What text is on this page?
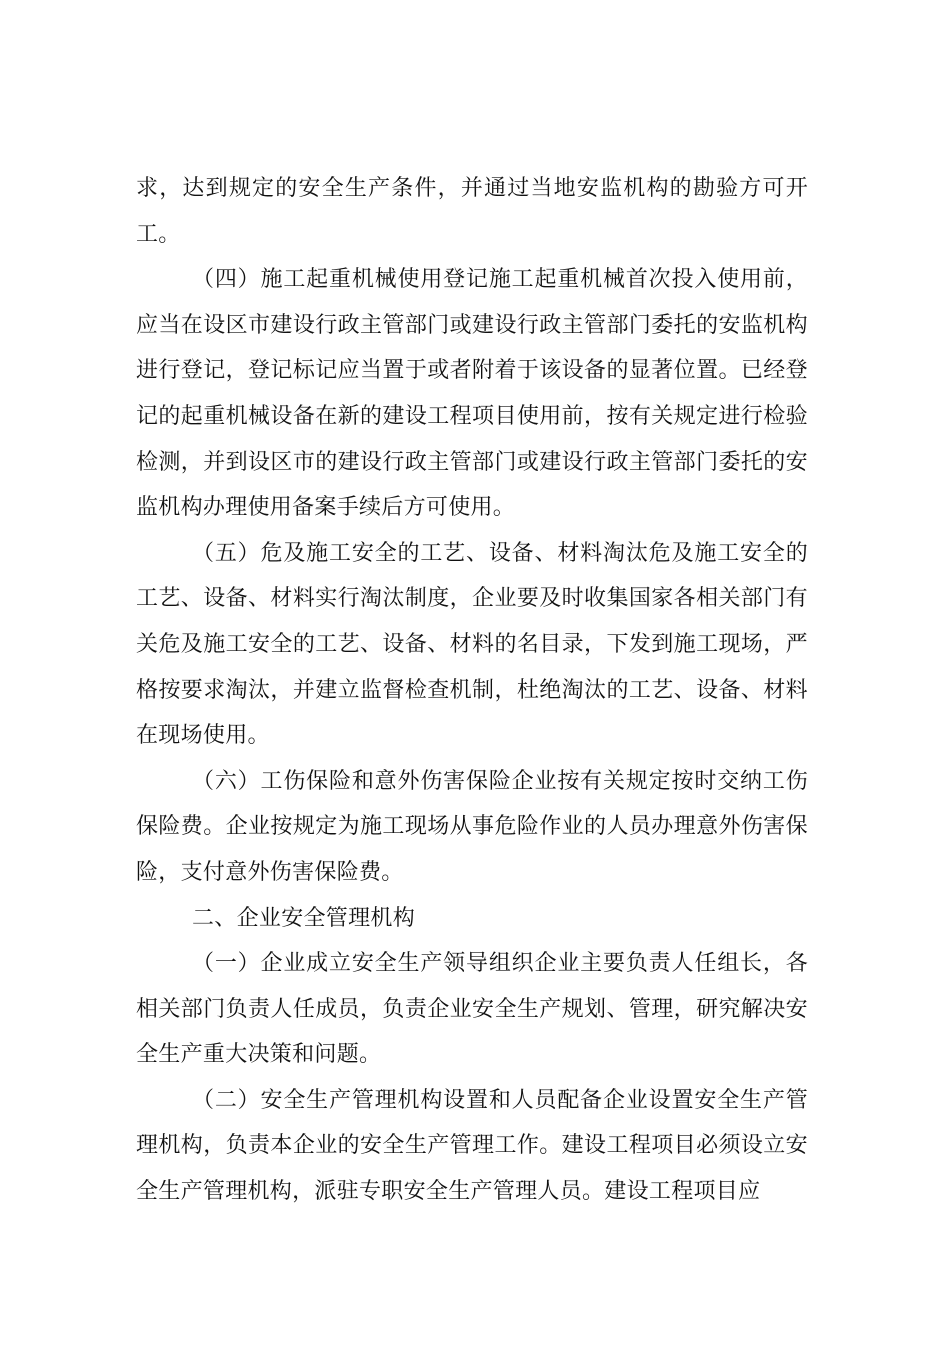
求，达到规定的安全生产条件，并通过当地安监机构的勘验方可开工。

（四）施工起重机械使用登记施工起重机械首次投入使用前，应当在设区市建设行政主管部门或建设行政主管部门委托的安监机构进行登记，登记标记应当置于或者附着于该设备的显著位置。已经登记的起重机械设备在新的建设工程项目使用前，按有关规定进行检验检测，并到设区市的建设行政主管部门或建设行政主管部门委托的安监机构办理使用备案手续后方可使用。

（五）危及施工安全的工艺、设备、材料淘汰危及施工安全的工艺、设备、材料实行淘汰制度，企业要及时收集国家各相关部门有关危及施工安全的工艺、设备、材料的名目录，下发到施工现场，严格按要求淘汰，并建立监督检查机制，杜绝淘汰的工艺、设备、材料在现场使用。

（六）工伤保险和意外伤害保险企业按有关规定按时交纳工伤保险费。企业按规定为施工现场从事危险作业的人员办理意外伤害保险，支付意外伤害保险费。

二、企业安全管理机构

（一）企业成立安全生产领导组织企业主要负责人任组长，各相关部门负责人任成员，负责企业安全生产规划、管理，研究解决安全生产重大决策和问题。

（二）安全生产管理机构设置和人员配备企业设置安全生产管理机构，负责本企业的安全生产管理工作。建设工程项目必须设立安全生产管理机构，派驻专职安全生产管理人员。建设工程项目应
